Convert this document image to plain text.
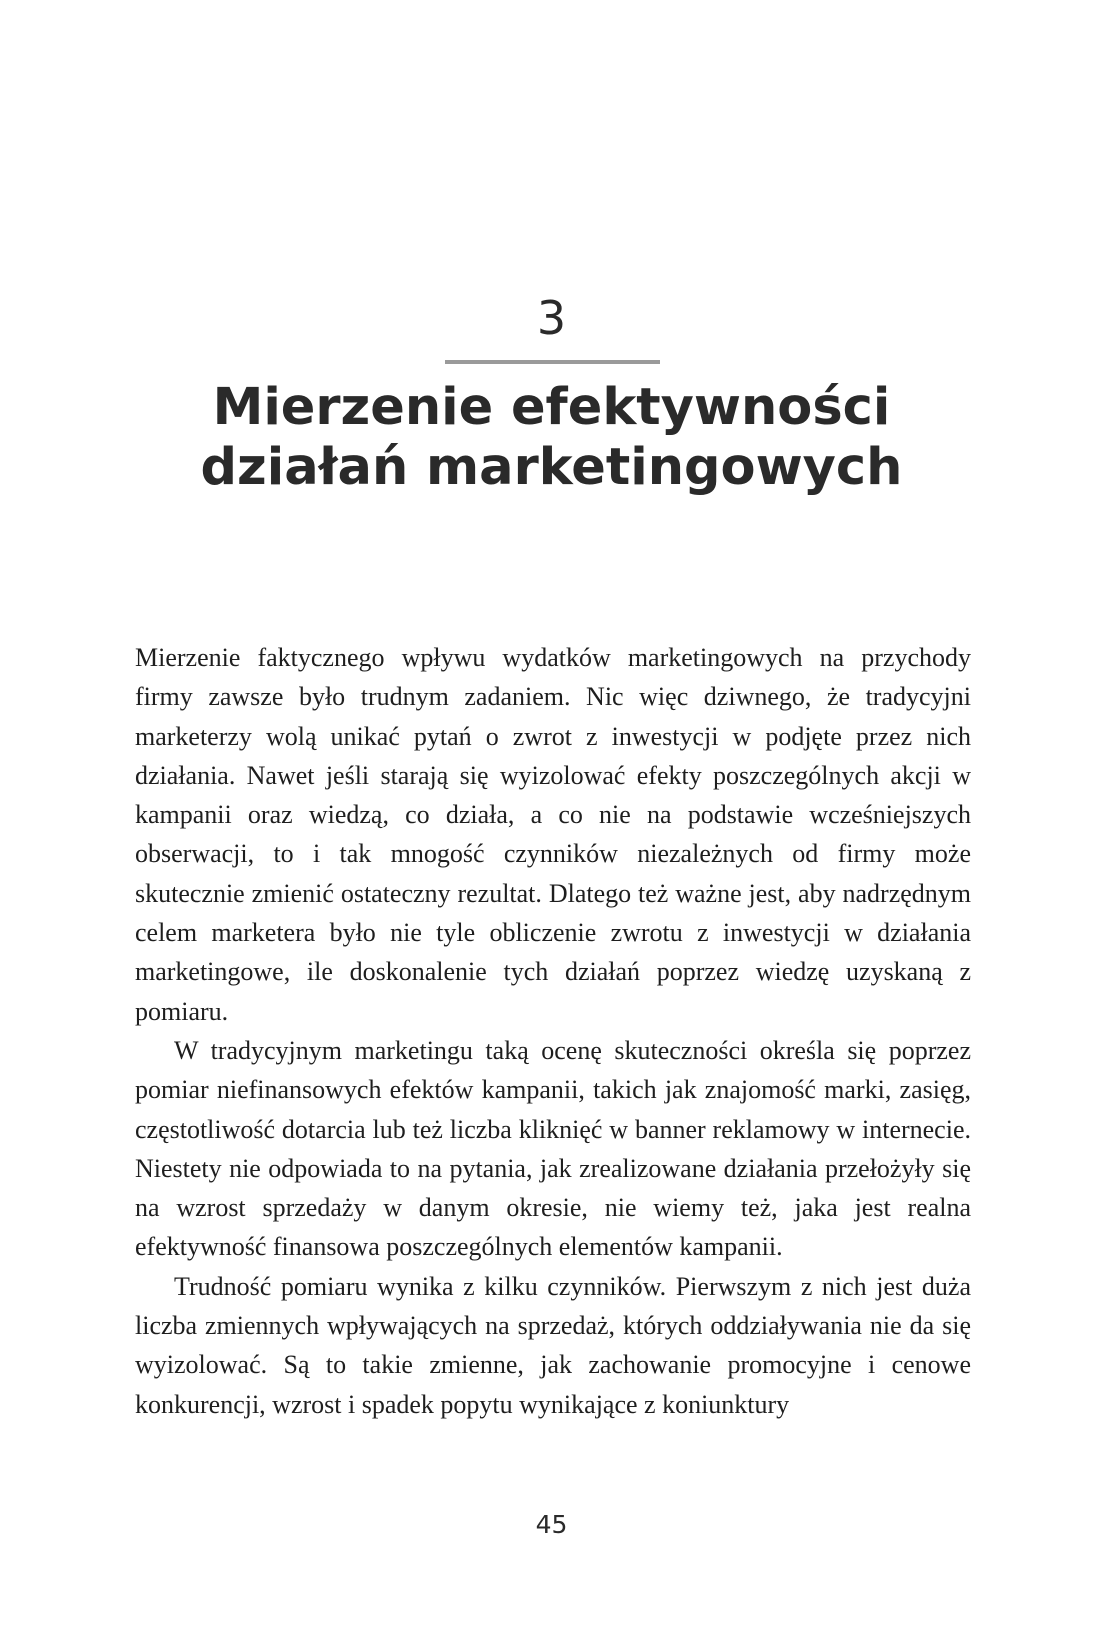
3
Mierzenie efektywności
działań marketingowych

Mierzenie faktycznego wpływu wydatków marketingowych na przychody firmy zawsze było trudnym zadaniem. Nic więc dziwnego, że tradycyjni marketerzy wolą unikać pytań o zwrot z inwestycji w podjęte przez nich działania. Nawet jeśli starają się wyizolować efekty poszczególnych akcji w kampanii oraz wiedzą, co działa, a co nie na podstawie wcześniejszych obserwacji, to i tak mnogość czynników niezależnych od firmy może skutecznie zmienić ostateczny rezultat. Dlatego też ważne jest, aby nadrzędnym celem marketera było nie tyle obliczenie zwrotu z inwestycji w działania marketingowe, ile doskonalenie tych działań poprzez wiedzę uzyskaną z pomiaru.

W tradycyjnym marketingu taką ocenę skuteczności określa się poprzez pomiar niefinansowych efektów kampanii, takich jak znajomość marki, zasięg, częstotliwość dotarcia lub też liczba kliknięć w banner reklamowy w internecie. Niestety nie odpowiada to na pytania, jak zrealizowane działania przełożyły się na wzrost sprzedaży w danym okresie, nie wiemy też, jaka jest realna efektywność finansowa poszczególnych elementów kampanii.

Trudność pomiaru wynika z kilku czynników. Pierwszym z nich jest duża liczba zmiennych wpływających na sprzedaż, których oddziaływania nie da się wyizolować. Są to takie zmienne, jak zachowanie promocyjne i cenowe konkurencji, wzrost i spadek popytu wynikające z koniunktury

45
